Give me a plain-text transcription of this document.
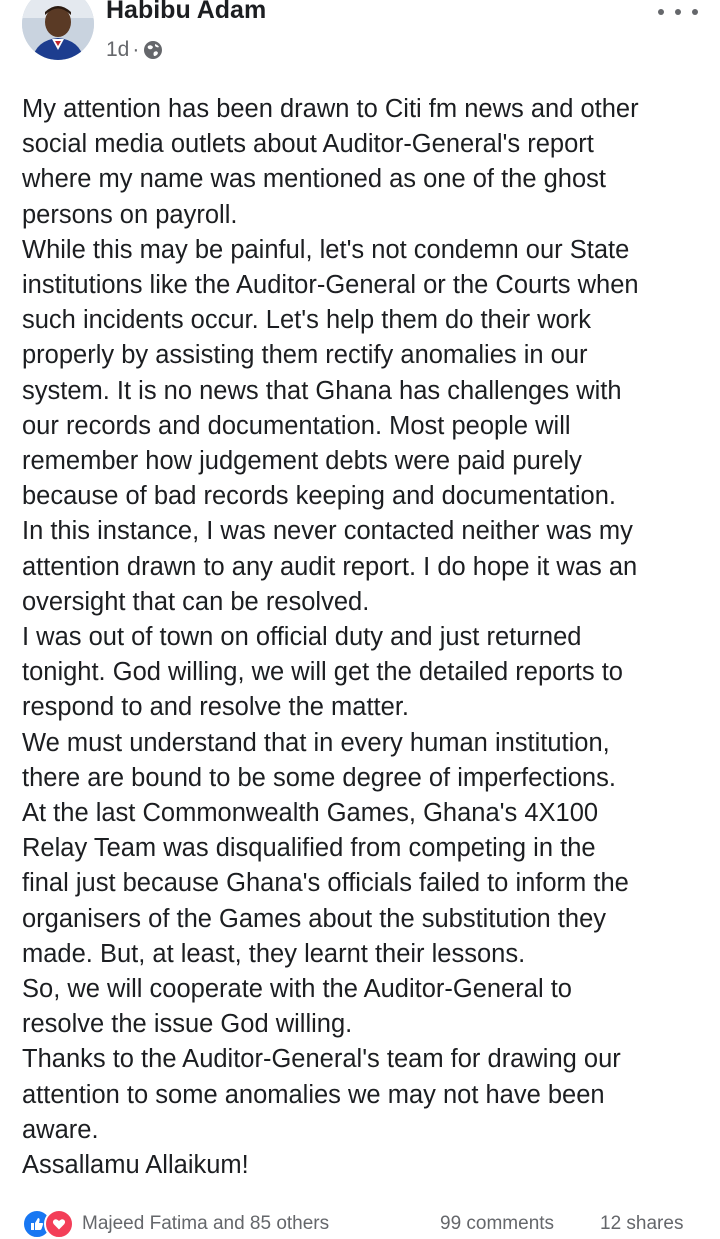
Habibu Adam
1d ·

My attention has been drawn to Citi fm news and other

social media outlets about Auditor-General's report

where my name was mentioned as one of the ghost

persons on payroll.

While this may be painful, let's not condemn our State

institutions like the Auditor-General or the Courts when

such incidents occur. Let's help them do their work

properly by assisting them rectify anomalies in our

system. It is no news that Ghana has challenges with

our records and documentation. Most people will

remember how judgement debts were paid purely

because of bad records keeping and documentation.

In this instance, I was never contacted neither was my

attention drawn to any audit report. I do hope it was an

oversight that can be resolved.

I was out of town on official duty and just returned

tonight. God willing, we will get the detailed reports to

respond to and resolve the matter.

We must understand that in every human institution,

there are bound to be some degree of imperfections.

At the last Commonwealth Games, Ghana's 4X100

Relay Team was disqualified from competing in the

final just because Ghana's officials failed to inform the

organisers of the Games about the substitution they

made. But, at least, they learnt their lessons.

So, we will cooperate with the Auditor-General to

resolve the issue God willing.

Thanks to the Auditor-General's team for drawing our

attention to some anomalies we may not have been

aware.

Assallamu Allaikum!

Majeed Fatima and 85 others	99 comments 12 shares
